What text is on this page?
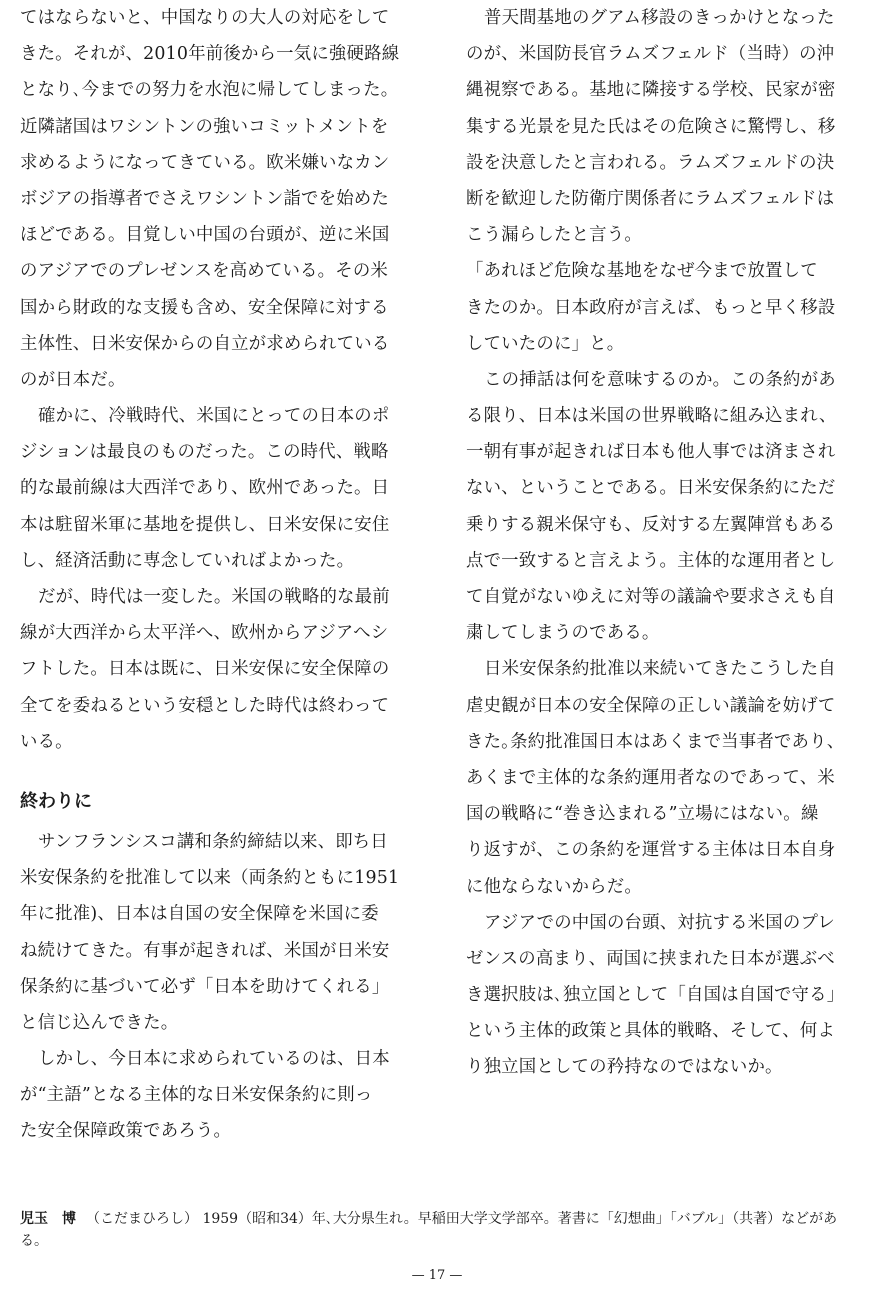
てはならないと、中国なりの大人の対応をして
きた。それが、2010年前後から一気に強硬路線
となり､今までの努力を水泡に帰してしまった。
近隣諸国はワシントンの強いコミットメントを
求めるようになってきている。欧米嫌いなカン
ボジアの指導者でさえワシントン詣でを始めた
ほどである。目覚しい中国の台頭が、逆に米国
のアジアでのプレゼンスを高めている。その米
国から財政的な支援も含め、安全保障に対する
主体性、日米安保からの自立が求められている
のが日本だ。
確かに、冷戦時代、米国にとっての日本のポ
ジションは最良のものだった。この時代、戦略
的な最前線は大西洋であり、欧州であった。日
本は駐留米軍に基地を提供し、日米安保に安住
し、経済活動に専念していればよかった。
だが、時代は一変した。米国の戦略的な最前
線が大西洋から太平洋へ、欧州からアジアへシ
フトした。日本は既に、日米安保に安全保障の
全てを委ねるという安穏とした時代は終わって
いる。
終わりに
サンフランシスコ講和条約締結以来、即ち日
米安保条約を批准して以来（両条約ともに1951
年に批准)、日本は自国の安全保障を米国に委
ね続けてきた。有事が起きれば、米国が日米安
保条約に基づいて必ず「日本を助けてくれる」
と信じ込んできた。
しかし、今日本に求められているのは、日本
が“主語”となる主体的な日米安保条約に則っ
た安全保障政策であろう。
普天間基地のグアム移設のきっかけとなった
のが、米国防長官ラムズフェルド（当時）の沖
縄視察である。基地に隣接する学校、民家が密
集する光景を見た氏はその危険さに驚愕し、移
設を決意したと言われる。ラムズフェルドの決
断を歓迎した防衛庁関係者にラムズフェルドは
こう漏らしたと言う。
「あれほど危険な基地をなぜ今まで放置して
きたのか。日本政府が言えば、もっと早く移設
していたのに」と。
この挿話は何を意味するのか。この条約があ
る限り、日本は米国の世界戦略に組み込まれ、
一朝有事が起きれば日本も他人事では済まされ
ない、ということである。日米安保条約にただ
乗りする親米保守も、反対する左翼陣営もある
点で一致すると言えよう。主体的な運用者とし
て自覚がないゆえに対等の議論や要求さえも自
粛してしまうのである。
日米安保条約批准以来続いてきたこうした自
虐史観が日本の安全保障の正しい議論を妨げて
きた｡条約批准国日本はあくまで当事者であり、
あくまで主体的な条約運用者なのであって、米
国の戦略に“巻き込まれる”立場にはない。繰
り返すが、この条約を運営する主体は日本自身
に他ならないからだ。
アジアでの中国の台頭、対抗する米国のプレ
ゼンスの高まり、両国に挟まれた日本が選ぶべ
き選択肢は､独立国として「自国は自国で守る」
という主体的政策と具体的戦略、そして、何よ
り独立国としての矜持なのではないか。
児玉　博 （こだまひろし） 1959（昭和34）年､大分県生れ。早稲田大学文学部卒。著書に「幻想曲」「バブル」（共著）などがある。
— 17 —
